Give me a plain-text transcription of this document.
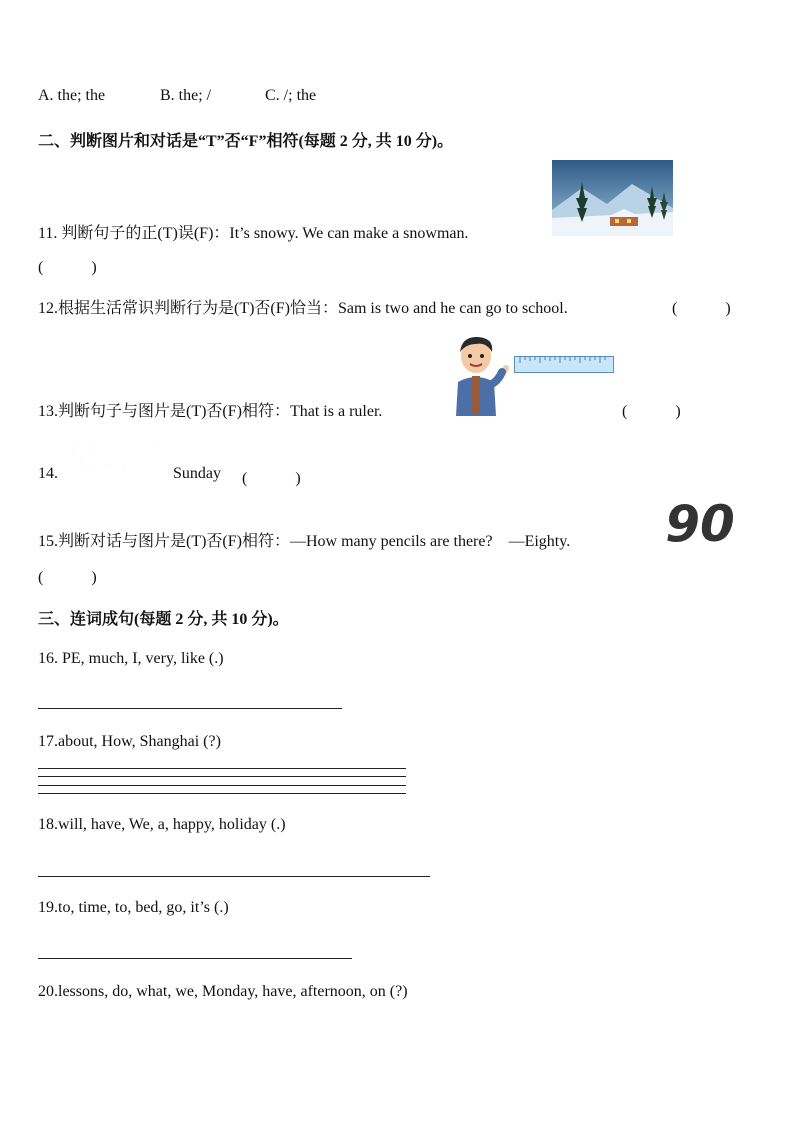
A. the; the	B. the; /	C. /; the
二、判断图片和对话是“T”否“F”相符(每题 2 分, 共 10 分)。
11. 判断句子的正(T)误(F)：It’s snowy. We can make a snowman.
(　　　)
12.根据生活常识判断行为是(T)否(F)恰当：Sam is two and he can go to school.	(　　　)
13.判断句子与图片是(T)否(F)相符：That is a ruler.	(　　　)
14. 星期四 Sunday (　　　)
15.判断对话与图片是(T)否(F)相符：—How many pencils are there?　—Eighty. 90
(　　　)
三、连词成句(每题 2 分, 共 10 分)。
16. PE, much, I, very, like (.)
17.about, How, Shanghai (?)
18.will, have, We, a, happy, holiday (.)
19.to, time, to, bed, go, it’s (.)
20.lessons, do, what, we, Monday, have, afternoon, on (?)
